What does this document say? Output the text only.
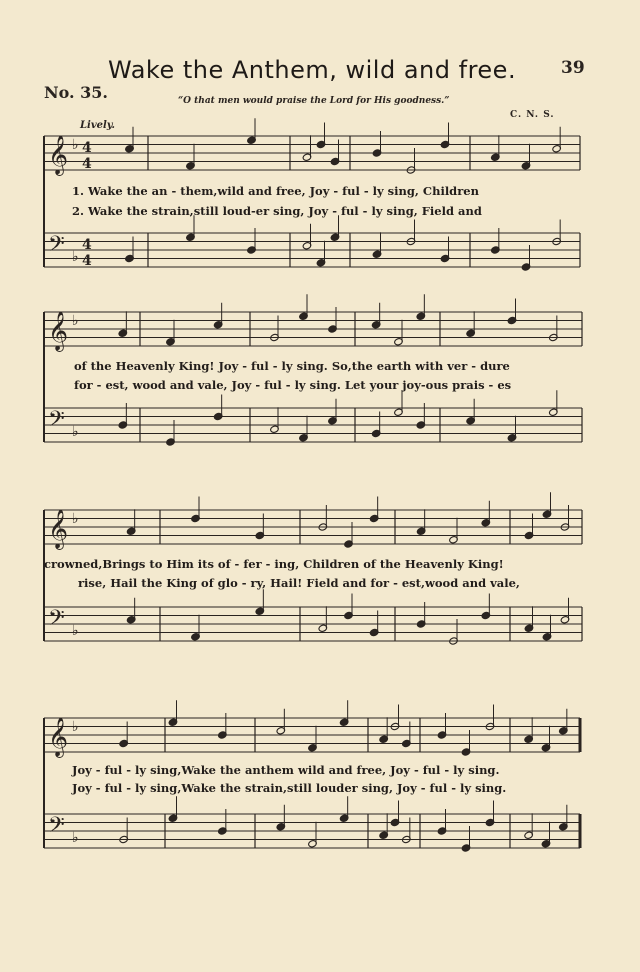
Wake the Anthem, wild and free.	39
No. 35.	“O that men would praise the Lord for His goodness.”
C. N. S.
Lively.
𝄞 ♭ 4
4
𝄢 ♭
4
4
𝄞 ♭
𝄢 ♭
𝄞 ♭
𝄢 ♭
𝄞 ♭
𝄢 ♭
1. Wake the an - them,wild and free, Joy - ful - ly sing, Children
2. Wake the strain,still loud-er sing, Joy - ful - ly sing, Field and
of the Heavenly King! Joy - ful - ly sing. So,the earth with ver - dure
for - est, wood and vale, Joy - ful - ly sing. Let your joy-ous prais - es
crowned,Brings to Him its of - fer - ing, Children of the Heavenly King!
rise, Hail the King of glo - ry, Hail! Field and for - est,wood and vale,
Joy - ful - ly sing,Wake the anthem wild and free, Joy - ful - ly sing.
Joy - ful - ly sing,Wake the strain,still louder sing, Joy - ful - ly sing.
